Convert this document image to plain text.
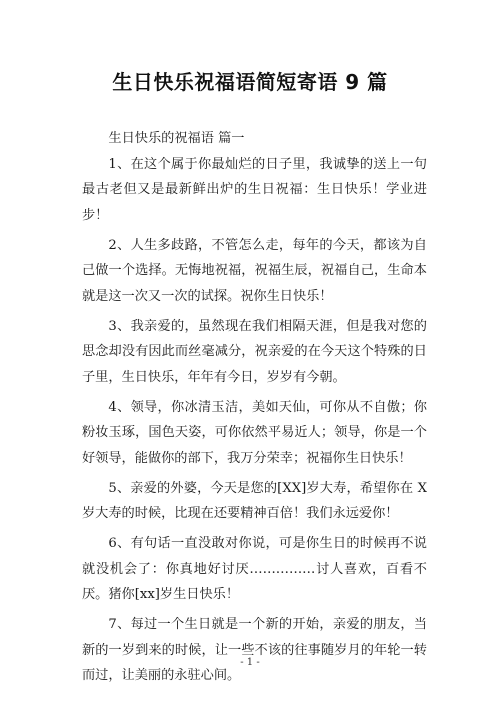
生日快乐祝福语简短寄语 9 篇

生日快乐的祝福语 篇一

1、在这个属于你最灿烂的日子里，我诚挚的送上一句最古老但又是最新鲜出炉的生日祝福：生日快乐！学业进步！

2、人生多歧路，不管怎么走，每年的今天，都该为自己做一个选择。无悔地祝福，祝福生辰，祝福自己，生命本就是这一次又一次的试探。祝你生日快乐！

3、我亲爱的，虽然现在我们相隔天涯，但是我对您的思念却没有因此而丝毫减分，祝亲爱的在今天这个特殊的日子里，生日快乐，年年有今日，岁岁有今朝。

4、领导，你冰清玉洁，美如天仙，可你从不自傲；你粉妆玉琢，国色天姿，可你依然平易近人；领导，你是一个好领导，能做你的部下，我万分荣幸；祝福你生日快乐！

5、亲爱的外婆，今天是您的[XX]岁大寿，希望你在 X岁大寿的时候，比现在还要精神百倍！我们永远爱你！

6、有句话一直没敢对你说，可是你生日的时候再不说就没机会了：你真地好讨厌……………讨人喜欢，百看不厌。猪你[xx]岁生日快乐！

7、每过一个生日就是一个新的开始，亲爱的朋友，当新的一岁到来的时候，让一些不该的往事随岁月的年轮一转而过，让美丽的永驻心间。

- 1 -
